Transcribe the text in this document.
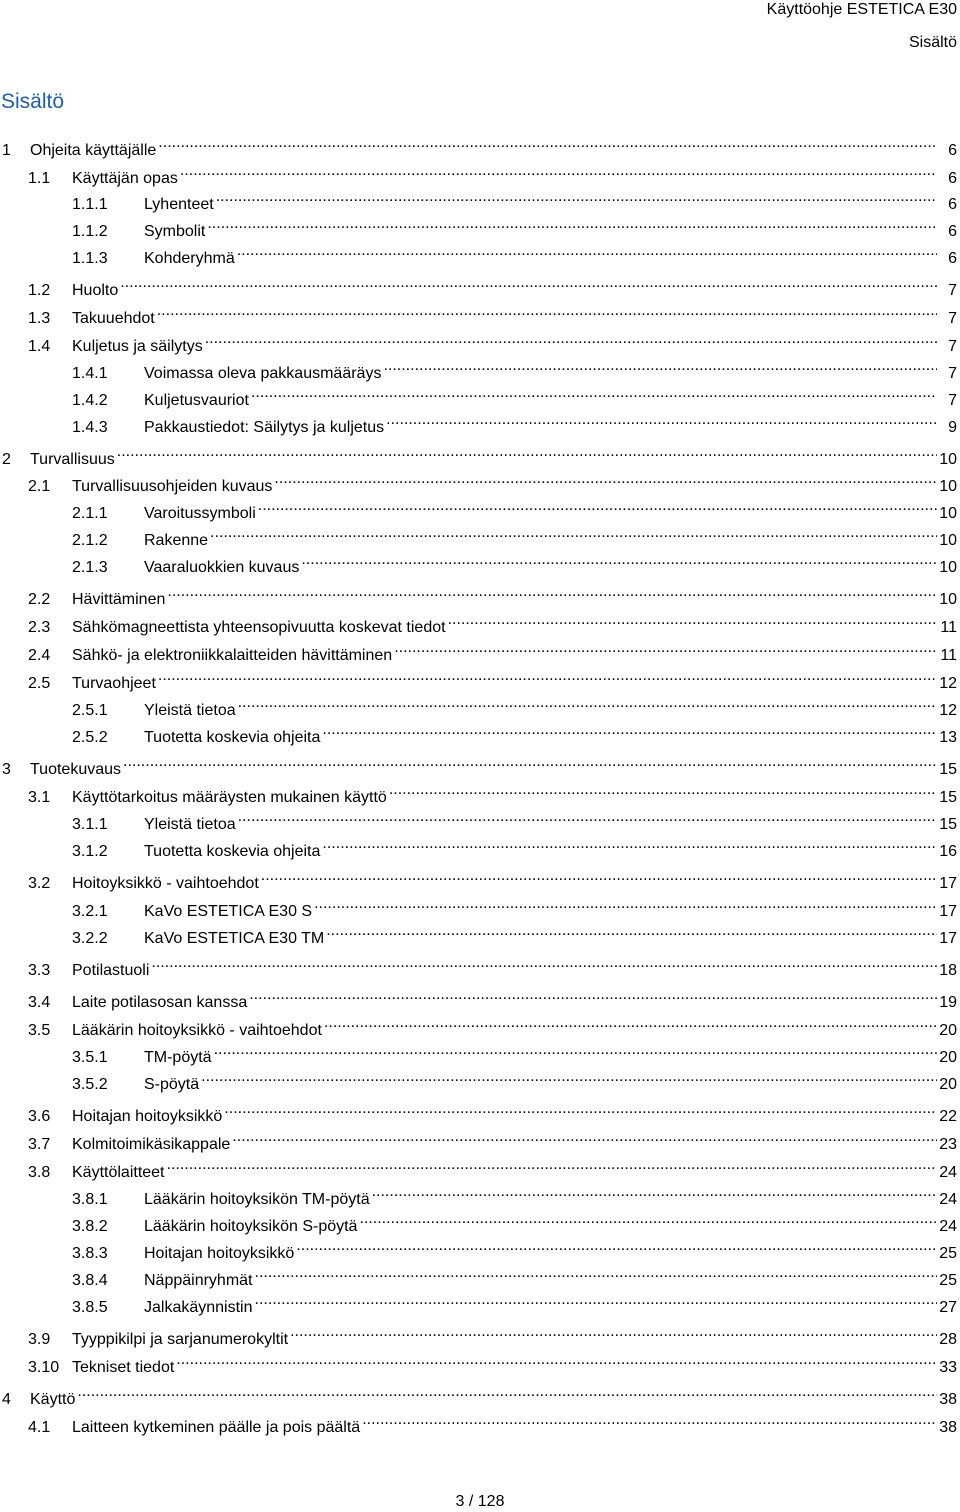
Käyttöohje ESTETICA E30
Sisältö
Sisältö
1	Ohjeita käyttäjälle .....	6
1.1	Käyttäjän opas .....	6
1.1.1	Lyhenteet .....	6
1.1.2	Symbolit .....	6
1.1.3	Kohderyhmä .....	6
1.2	Huolto .....	7
1.3	Takuuehdot .....	7
1.4	Kuljetus ja säilytys .....	7
1.4.1	Voimassa oleva pakkausmääräys .....	7
1.4.2	Kuljetusvauriot .....	7
1.4.3	Pakkaustiedot: Säilytys ja kuljetus .....	9
2	Turvallisuus .....	10
2.1	Turvallisuusohjeiden kuvaus .....	10
2.1.1	Varoitussymboli .....	10
2.1.2	Rakenne .....	10
2.1.3	Vaaraluokkien kuvaus .....	10
2.2	Hävittäminen .....	10
2.3	Sähkömagneettista yhteensopivuutta koskevat tiedot .....	11
2.4	Sähkö- ja elektroniikkalaitteiden hävittäminen .....	11
2.5	Turvaohjeet .....	12
2.5.1	Yleistä tietoa .....	12
2.5.2	Tuotetta koskevia ohjeita .....	13
3	Tuotekuvaus .....	15
3.1	Käyttötarkoitus määräysten mukainen käyttö .....	15
3.1.1	Yleistä tietoa .....	15
3.1.2	Tuotetta koskevia ohjeita .....	16
3.2	Hoitoyksikkö - vaihtoehdot .....	17
3.2.1	KaVo ESTETICA E30 S .....	17
3.2.2	KaVo ESTETICA E30 TM .....	17
3.3	Potilastuoli .....	18
3.4	Laite potilasosan kanssa .....	19
3.5	Lääkärin hoitoyksikkö - vaihtoehdot .....	20
3.5.1	TM-pöytä .....	20
3.5.2	S-pöytä .....	20
3.6	Hoitajan hoitoyksikkö .....	22
3.7	Kolmitoimikäsikappale .....	23
3.8	Käyttölaitteet .....	24
3.8.1	Lääkärin hoitoyksikön TM-pöytä .....	24
3.8.2	Lääkärin hoitoyksikön S-pöytä .....	24
3.8.3	Hoitajan hoitoyksikkö .....	25
3.8.4	Näppäinryhmät .....	25
3.8.5	Jalkakäynnistin .....	27
3.9	Tyyppikilpi ja sarjanumerokyltit .....	28
3.10 Tekniset tiedot .....	33
4	Käyttö .....	38
4.1	Laitteen kytkeminen päälle ja pois päältä .....	38
3 / 128
